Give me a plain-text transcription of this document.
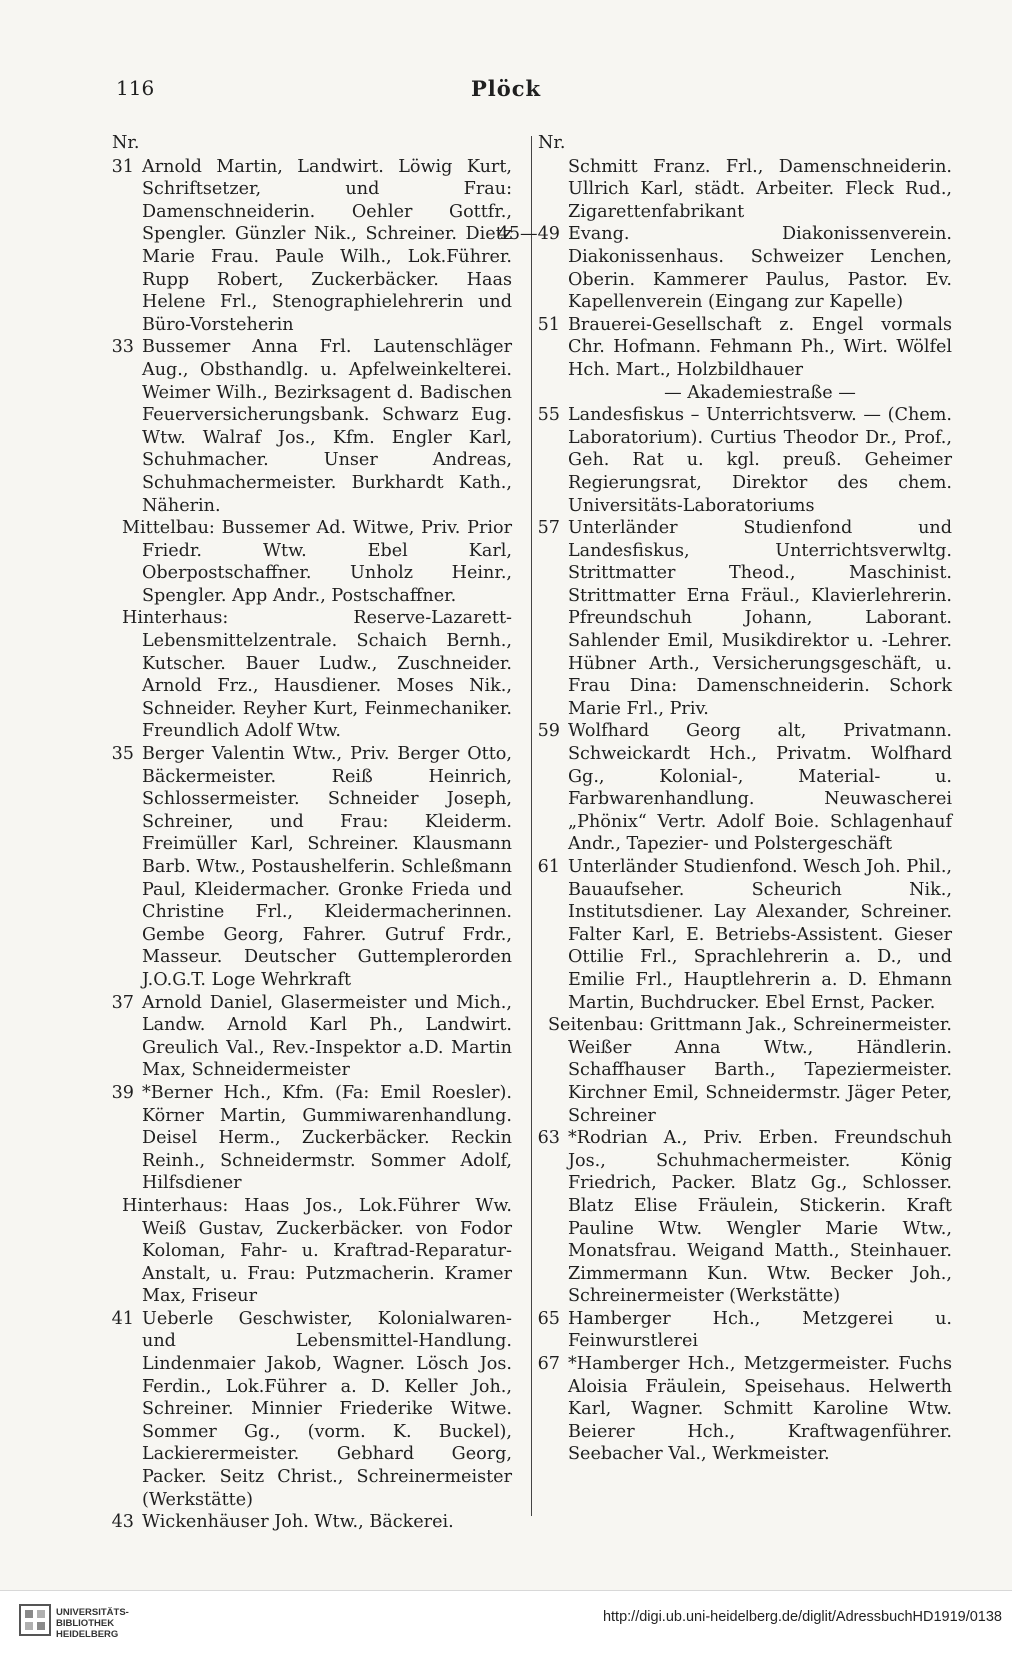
116	Plöck
Nr.

31 Arnold Martin, Landwirt. Löwig Kurt, Schriftsetzer, und Frau: Damenschneiderin. Oehler Gottfr., Spengler. Günzler Nik., Schreiner. Dietz Marie Frau. Paule Wilh., Lok.Führer. Rupp Robert, Zuckerbäcker. Haas Helene Frl., Stenographielehrerin und Büro-Vorsteherin

33 Bussemer Anna Frl. Lautenschläger Aug., Obsthandlg. u. Apfelweinkelterei. Weimer Wilh., Bezirksagent d. Badischen Feuerversicherungsbank. Schwarz Eug. Wtw. Walraf Jos., Kfm. Engler Karl, Schuhmacher. Unser Andreas, Schuhmachermeister. Burkhardt Kath., Näherin.

Mittelbau: Bussemer Ad. Witwe, Priv. Prior Friedr. Wtw. Ebel Karl, Oberpostschaffner. Unholz Heinr., Spengler. App Andr., Postschaffner.

Hinterhaus:	Reserve-Lazarett-Lebensmittelzentrale. Schaich Bernh., Kutscher. Bauer Ludw., Zuschneider. Arnold Frz., Hausdiener. Moses Nik., Schneider. Reyher Kurt, Feinmechaniker. Freundlich Adolf Wtw.

35 Berger Valentin Wtw., Priv. Berger Otto, Bäckermeister. Reiß Heinrich, Schlossermeister. Schneider Joseph, Schreiner, und Frau: Kleiderm. Freimüller Karl, Schreiner. Klausmann Barb. Wtw., Postaushelferin. Schleßmann Paul, Kleidermacher. Gronke Frieda und Christine Frl., Kleidermacherinnen. Gembe Georg, Fahrer. Gutruf Frdr., Masseur. Deutscher Guttemplerorden J.O.G.T. Loge Wehrkraft

37 Arnold Daniel, Glasermeister und Mich., Landw. Arnold Karl Ph., Landwirt. Greulich Val., Rev.-Inspektor a.D. Martin Max, Schneidermeister

39 *Berner Hch., Kfm. (Fa: Emil Roesler). Körner Martin, Gummiwarenhandlung. Deisel Herm., Zuckerbäcker. Reckin Reinh., Schneidermstr. Sommer Adolf, Hilfsdiener

Hinterhaus: Haas Jos., Lok.Führer Ww. Weiß Gustav, Zuckerbäcker. von Fodor Koloman, Fahr- u. Kraftrad-Reparatur-Anstalt, u. Frau: Putzmacherin. Kramer Max, Friseur

41 Ueberle Geschwister, Kolonialwaren- und Lebensmittel-Handlung. Lindenmaier Jakob, Wagner. Lösch Jos. Ferdin., Lok.Führer a. D. Keller Joh., Schreiner. Minnier Friederike Witwe. Sommer Gg., (vorm. K. Buckel), Lackierermeister. Gebhard Georg, Packer. Seitz Christ., Schreinermeister (Werkstätte)

43 Wickenhäuser Joh. Wtw., Bäckerei.

Nr.

Schmitt Franz. Frl., Damenschneiderin. Ullrich Karl, städt. Arbeiter. Fleck Rud., Zigarettenfabrikant

45—49 Evang. Diakonissenverein. Diakonissenhaus. Schweizer Lenchen, Oberin. Kammerer Paulus, Pastor. Ev. Kapellenverein (Eingang zur Kapelle)

51 Brauerei-Gesellschaft z. Engel vormals Chr. Hofmann. Fehmann Ph., Wirt. Wölfel Hch. Mart., Holzbildhauer

— Akademiestraße —

55 Landesfiskus – Unterrichtsverw. — (Chem. Laboratorium). Curtius Theodor Dr., Prof., Geh. Rat u. kgl. preuß. Geheimer Regierungsrat, Direktor des chem. Universitäts-Laboratoriums

57 Unterländer Studienfond und Landesfiskus, Unterrichtsverwltg. Strittmatter Theod., Maschinist. Strittmatter Erna Fräul., Klavierlehrerin. Pfreundschuh Johann, Laborant. Sahlender Emil, Musikdirektor u. -Lehrer. Hübner Arth., Versicherungsgeschäft, u. Frau Dina: Damenschneiderin. Schork Marie Frl., Priv.

59 Wolfhard Georg alt, Privatmann. Schweickardt Hch., Privatm. Wolfhard Gg., Kolonial-, Material- u. Farbwarenhandlung. Neuwascherei „Phönix“ Vertr. Adolf Boie. Schlagenhauf Andr., Tapezier- und Polstergeschäft

61 Unterländer Studienfond. Wesch Joh. Phil., Bauaufseher. Scheurich Nik., Institutsdiener. Lay Alexander, Schreiner. Falter Karl, E. Betriebs-Assistent. Gieser Ottilie Frl., Sprachlehrerin a. D., und Emilie Frl., Hauptlehrerin a. D. Ehmann Martin, Buchdrucker. Ebel Ernst, Packer.

Seitenbau: Grittmann Jak., Schreinermeister. Weißer Anna Wtw., Händlerin. Schaffhauser Barth., Tapeziermeister. Kirchner Emil, Schneidermstr. Jäger Peter, Schreiner

63 *Rodrian A., Priv. Erben. Freundschuh Jos., Schuhmachermeister. König Friedrich, Packer. Blatz Gg., Schlosser. Blatz Elise Fräulein, Stickerin. Kraft Pauline Wtw. Wengler Marie Wtw., Monatsfrau. Weigand Matth., Steinhauer. Zimmermann Kun. Wtw. Becker Joh., Schreinermeister (Werkstätte)

65 Hamberger Hch., Metzgerei u. Feinwurstlerei

67 *Hamberger Hch., Metzgermeister. Fuchs Aloisia Fräulein, Speisehaus. Helwerth Karl, Wagner. Schmitt Karoline Wtw. Beierer Hch., Kraftwagenführer. Seebacher Val., Werkmeister.

UNIVERSITÄTS-
BIBLIOTHEK
HEIDELBERG
http://digi.ub.uni-heidelberg.de/diglit/AdressbuchHD1919/0138
